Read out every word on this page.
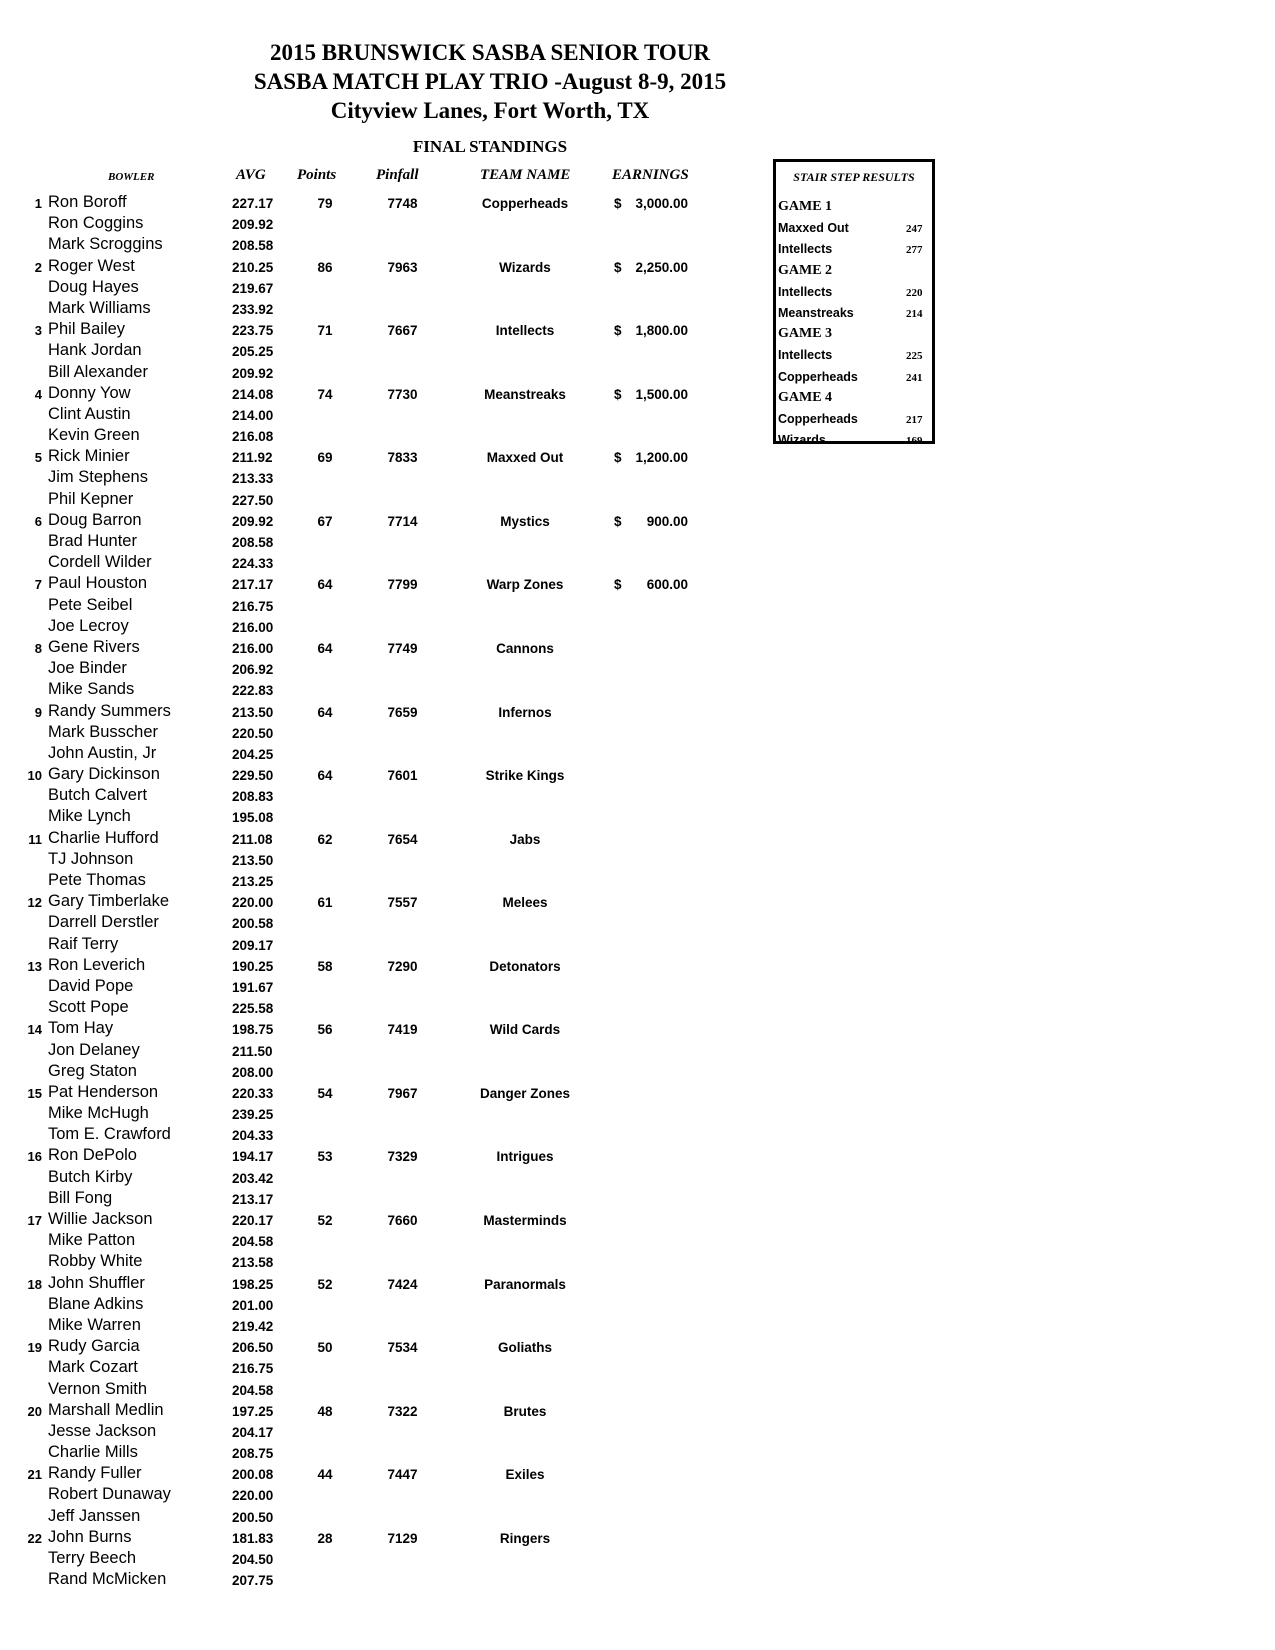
2015 BRUNSWICK SASBA SENIOR TOUR
SASBA MATCH PLAY TRIO -August 8-9, 2015
Cityview Lanes, Fort Worth, TX
FINAL STANDINGS
BOWLER	AVG Points	Pinfall	TEAM NAME	EARNINGS
1 Ron Boroff	227.17	79	7748	Copperheads	$	3,000.00
Ron Coggins	209.92
Mark Scroggins	208.58
2 Roger West	210.25	86	7963	Wizards	$	2,250.00
Doug Hayes	219.67
Mark Williams	233.92
3 Phil Bailey	223.75	71	7667	Intellects	$	1,800.00
Hank Jordan	205.25
Bill Alexander	209.92
4 Donny Yow	214.08	74	7730	Meanstreaks	$	1,500.00
Clint Austin	214.00
Kevin Green	216.08
5 Rick Minier	211.92	69	7833	Maxxed Out	$	1,200.00
Jim Stephens	213.33
Phil Kepner	227.50
6 Doug Barron	209.92	67	7714	Mystics	$	900.00
Brad Hunter	208.58
Cordell Wilder	224.33
7 Paul Houston	217.17	64	7799	Warp Zones	$	600.00
Pete Seibel	216.75
Joe Lecroy	216.00
8 Gene Rivers	216.00	64	7749	Cannons
Joe Binder	206.92
Mike Sands	222.83
9 Randy Summers	213.50	64	7659	Infernos
Mark Busscher	220.50
John Austin, Jr	204.25
10 Gary Dickinson	229.50	64	7601	Strike Kings
Butch Calvert	208.83
Mike Lynch	195.08
11 Charlie Hufford	211.08	62	7654	Jabs
TJ Johnson	213.50
Pete Thomas	213.25
12 Gary Timberlake	220.00	61	7557	Melees
Darrell Derstler	200.58
Raif Terry	209.17
13 Ron Leverich	190.25	58	7290	Detonators
David Pope	191.67
Scott Pope	225.58
14 Tom Hay	198.75	56	7419	Wild Cards
Jon Delaney	211.50
Greg Staton	208.00
15 Pat Henderson	220.33	54	7967	Danger Zones
Mike McHugh	239.25
Tom E. Crawford	204.33
16 Ron DePolo	194.17	53	7329	Intrigues
Butch Kirby	203.42
Bill Fong	213.17
17 Willie Jackson	220.17	52	7660	Masterminds
Mike Patton	204.58
Robby White	213.58
18 John Shuffler	198.25	52	7424	Paranormals
Blane Adkins	201.00
Mike Warren	219.42
19 Rudy Garcia	206.50	50	7534	Goliaths
Mark Cozart	216.75
Vernon Smith	204.58
20 Marshall Medlin	197.25	48	7322	Brutes
Jesse Jackson	204.17
Charlie Mills	208.75
21 Randy Fuller	200.08	44	7447	Exiles
Robert Dunaway	220.00
Jeff Janssen	200.50
22 John Burns	181.83	28	7129	Ringers
Terry Beech	204.50
Rand McMicken	207.75
STAIR STEP RESULTS
GAME 1
Maxxed Out	247
Intellects	277
GAME 2
Intellects	220
Meanstreaks	214
GAME 3
Intellects	225
Copperheads	241
GAME 4
Copperheads	217
Wizards	169
